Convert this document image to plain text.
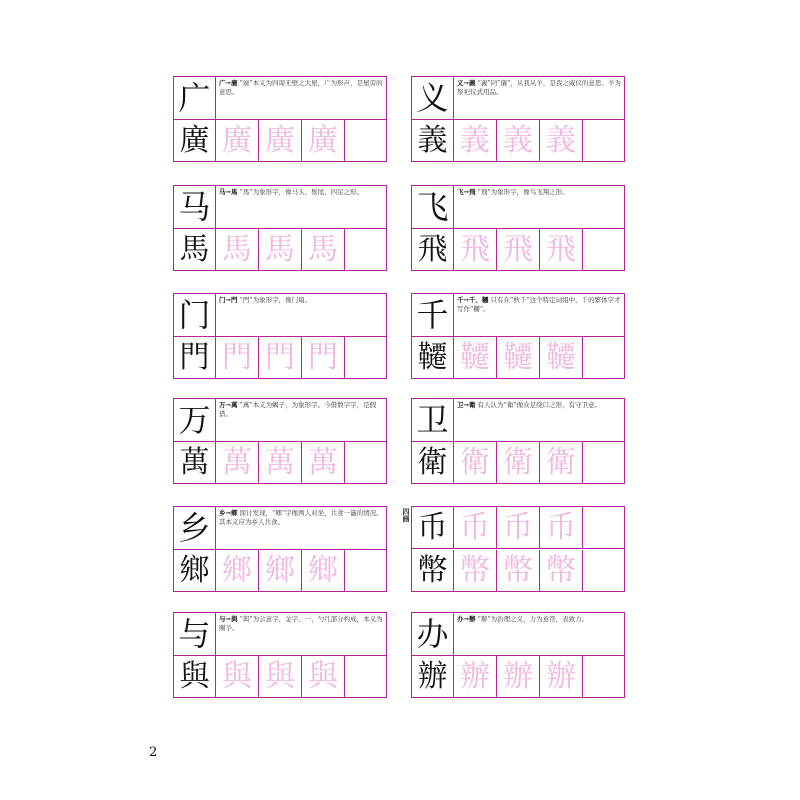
广	广→廣 “廣”本义为四周无壁之大屋，广为形声，是屋旁的意思。
廣 廣 廣 廣
义	义→義 “義”同“儀”，从我从羊，是我之威仪的意思。羊为祭祀仪式用品。
義 義 義 義
马	马→馬 “馬”为象形字，像马头、鬃尾、四足之形。
馬 馬 馬 馬
飞	飞→飛 “飛”为象形字，像鸟飞翔之形。
飛 飛 飛 飛
门	门→門 “門”为象形字，像门扇。
門 門 門 門
千	千→千、韆 只有在“秋千”这个特定词组中，千的繁体字才写作“韆”。
韆 韆 韆 韆
万	万→萬 “萬”本义为蝎子，为象形字。今借数字字，是假借。
萬 萬 萬 萬
卫	卫→衛 有人认为“衛”像众足绕口之形，有守卫意。
衛 衛 衛 衛
乡	乡→鄉 探讨发现，“鄉”字像两人对坐，共食一簋的情况。其本义应为乡人共食。
鄉 鄉 鄉 鄉
币 币 币 币
幣 幣 幣 幣
与	与→與 “與”为会意字，金字、一、勺几部分构成，本义为赐予。
與 與 與 與
办	办→辦 “辦”为治理之义，力为意符，表致力。
辦 辦 辦 辦
四画
2
